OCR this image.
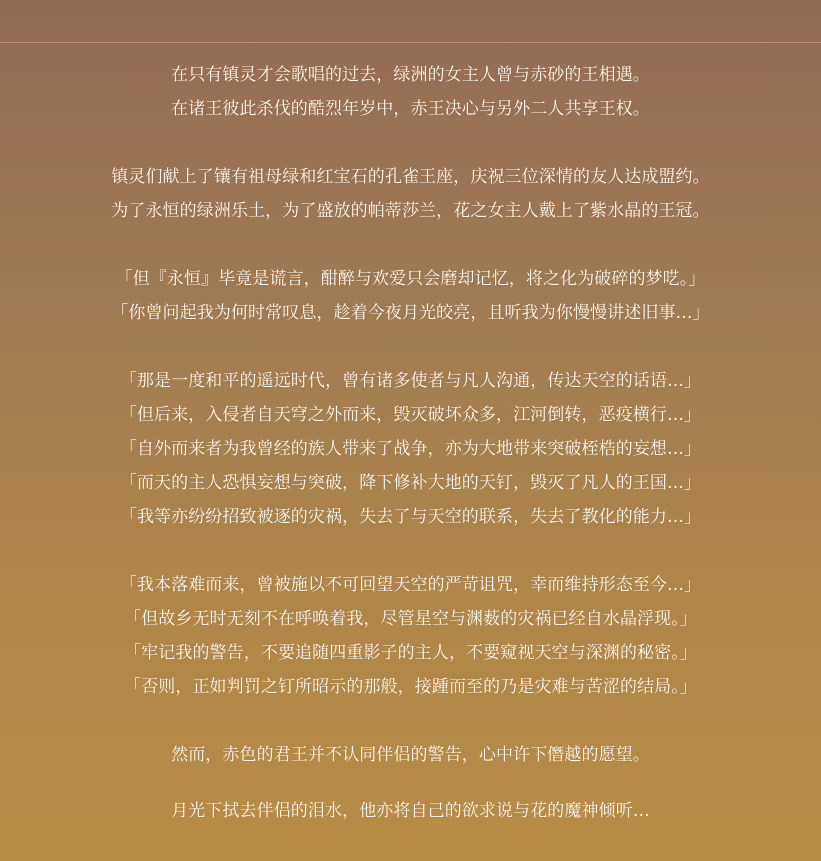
在只有镇灵才会歌唱的过去，绿洲的女主人曾与赤砂的王相遇。
在诸王彼此杀伐的酷烈年岁中，赤王决心与另外二人共享王权。
镇灵们献上了镶有祖母绿和红宝石的孔雀王座，庆祝三位深情的友人达成盟约。
为了永恒的绿洲乐土，为了盛放的帕蒂莎兰，花之女主人戴上了紫水晶的王冠。
「但『永恒』毕竟是谎言，酣醉与欢爱只会磨却记忆，将之化为破碎的梦呓。」
「你曾问起我为何时常叹息，趁着今夜月光皎亮，且听我为你慢慢讲述旧事…」
「那是一度和平的遥远时代，曾有诸多使者与凡人沟通，传达天空的话语…」
「但后来，入侵者自天穹之外而来，毁灭破坏众多，江河倒转，恶疫横行…」
「自外而来者为我曾经的族人带来了战争，亦为大地带来突破桎梏的妄想…」
「而天的主人恐惧妄想与突破，降下修补大地的天钉，毁灭了凡人的王国…」
「我等亦纷纷招致被逐的灾祸，失去了与天空的联系，失去了教化的能力…」
「我本落难而来，曾被施以不可回望天空的严苛诅咒，幸而维持形态至今…」
「但故乡无时无刻不在呼唤着我，尽管星空与渊薮的灾祸已经自水晶浮现。」
「牢记我的警告，不要追随四重影子的主人，不要窥视天空与深渊的秘密。」
「否则，正如判罚之钉所昭示的那般，接踵而至的乃是灾难与苦涩的结局。」
然而，赤色的君王并不认同伴侣的警告，心中许下僭越的愿望。
月光下拭去伴侣的泪水，他亦将自己的欲求说与花的魔神倾听…
